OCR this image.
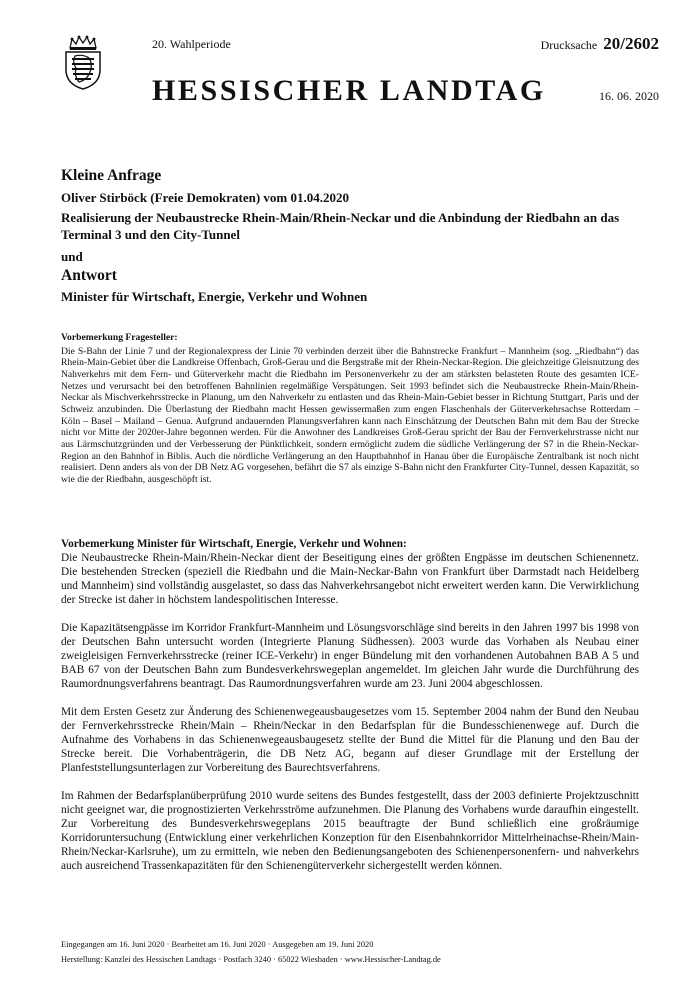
20. Wahlperiode	Drucksache 20/2602
HESSISCHER LANDTAG	16. 06. 2020
Kleine Anfrage
Oliver Stirböck (Freie Demokraten) vom 01.04.2020
Realisierung der Neubaustrecke Rhein-Main/Rhein-Neckar und die Anbindung der Riedbahn an das Terminal 3 und den City-Tunnel
und
Antwort
Minister für Wirtschaft, Energie, Verkehr und Wohnen
Vorbemerkung Fragesteller:

Die S-Bahn der Linie 7 und der Regionalexpress der Linie 70 verbinden derzeit über die Bahnstrecke Frankfurt – Mannheim (sog. „Riedbahn“) das Rhein-Main-Gebiet über die Landkreise Offenbach, Groß-Gerau und die Bergstraße mit der Rhein-Neckar-Region. Die gleichzeitige Gleisnutzung des Nahverkehrs mit dem Fern- und Güterverkehr macht die Riedbahn im Personenverkehr zu der am stärksten belasteten Route des gesamten ICE-Netzes und verursacht bei den betroffenen Bahnlinien regelmäßige Verspätungen. Seit 1993 befindet sich die Neubaustrecke Rhein-Main/Rhein-Neckar als Mischverkehrsstrecke in Planung, um den Nahverkehr zu entlasten und das Rhein-Main-Gebiet besser in Richtung Stuttgart, Paris und der Schweiz anzubinden. Die Überlastung der Riedbahn macht Hessen gewissermaßen zum engen Flaschenhals der Güterverkehrsachse Rotterdam – Köln – Basel – Mailand – Genua. Aufgrund andauernden Planungsverfahren kann nach Einschätzung der Deutschen Bahn mit dem Bau der Strecke nicht vor Mitte der 2020er-Jahre begonnen werden. Für die Anwohner des Landkreises Groß-Gerau spricht der Bau der Fernverkehrstrasse nicht nur aus Lärmschutzgründen und der Verbesserung der Pünktlichkeit, sondern ermöglicht zudem die südliche Verlängerung der S7 in die Rhein-Neckar-Region an den Bahnhof in Biblis. Auch die nördliche Verlängerung an den Hauptbahnhof in Hanau über die Europäische Zentralbank ist noch nicht realisiert. Denn anders als von der DB Netz AG vorgesehen, befährt die S7 als einzige S-Bahn nicht den Frankfurter City-Tunnel, dessen Kapazität, so wie die der Riedbahn, ausgeschöpft ist.

Vorbemerkung Minister für Wirtschaft, Energie, Verkehr und Wohnen:

Die Neubaustrecke Rhein-Main/Rhein-Neckar dient der Beseitigung eines der größten Engpässe im deutschen Schienennetz. Die bestehenden Strecken (speziell die Riedbahn und die Main-Neckar-Bahn von Frankfurt über Darmstadt nach Heidelberg und Mannheim) sind vollständig ausgelastet, so dass das Nahverkehrsangebot nicht erweitert werden kann. Die Verwirklichung der Strecke ist daher in höchstem landespolitischen Interesse.

Die Kapazitätsengpässe im Korridor Frankfurt-Mannheim und Lösungsvorschläge sind bereits in den Jahren 1997 bis 1998 von der Deutschen Bahn untersucht worden (Integrierte Planung Südhessen). 2003 wurde das Vorhaben als Neubau einer zweigleisigen Fernverkehrsstrecke (reiner ICE-Verkehr) in enger Bündelung mit den vorhandenen Autobahnen BAB A 5 und BAB 67 von der Deutschen Bahn zum Bundesverkehrswegeplan angemeldet. Im gleichen Jahr wurde die Durchführung des Raumordnungsverfahrens beantragt. Das Raumordnungsverfahren wurde am 23. Juni 2004 abgeschlossen.

Mit dem Ersten Gesetz zur Änderung des Schienenwegeausbaugesetzes vom 15. September 2004 nahm der Bund den Neubau der Fernverkehrsstrecke Rhein/Main – Rhein/Neckar in den Bedarfsplan für die Bundesschienenwege auf. Durch die Aufnahme des Vorhabens in das Schienenwegeausbaugesetz stellte der Bund die Mittel für die Planung und den Bau der Strecke bereit. Die Vorhabenträgerin, die DB Netz AG, begann auf dieser Grundlage mit der Erstellung der Planfeststellungsunterlagen zur Vorbereitung des Baurechtsverfahrens.

Im Rahmen der Bedarfsplanüberprüfung 2010 wurde seitens des Bundes festgestellt, dass der 2003 definierte Projektzuschnitt nicht geeignet war, die prognostizierten Verkehrsströme aufzunehmen. Die Planung des Vorhabens wurde daraufhin eingestellt. Zur Vorbereitung des Bundesverkehrswegeplans 2015 beauftragte der Bund schließlich eine großräumige Korridoruntersuchung (Entwicklung einer verkehrlichen Konzeption für den Eisenbahnkorridor Mittelrheinachse-Rhein/Main-Rhein/Neckar-Karlsruhe), um zu ermitteln, wie neben den Bedienungsangeboten des Schienenpersonenfern- und nahverkehrs auch ausreichend Trassenkapazitäten für den Schienengüterverkehr sichergestellt werden können.

Eingegangen am 16. Juni 2020 · Bearbeitet am 16. Juni 2020 · Ausgegeben am 19. Juni 2020
Herstellung: Kanzlei des Hessischen Landtags · Postfach 3240 · 65022 Wiesbaden · www.Hessischer-Landtag.de
